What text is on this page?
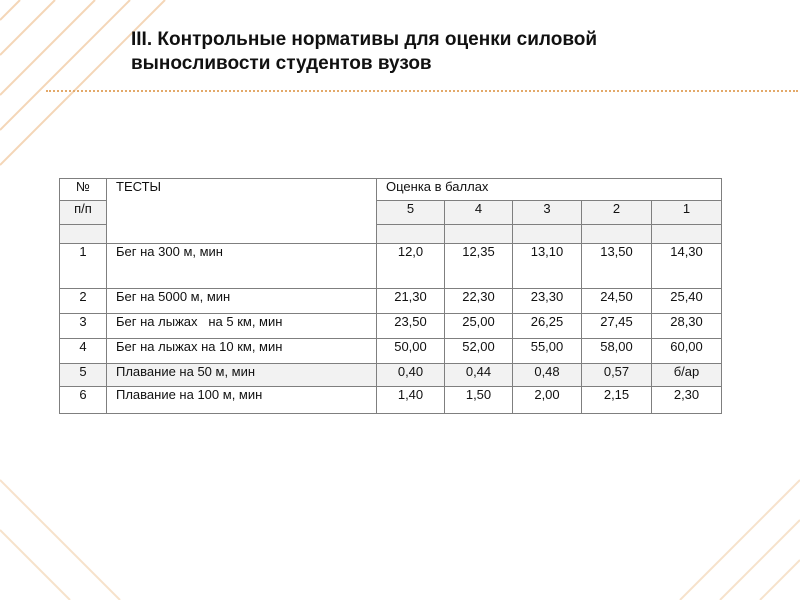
III. Контрольные нормативы для оценки силовой
выносливости студентов вузов
№	ТЕСТЫ	Оценка в баллах				
п/п		5	4	3	2	1

1	Бег на 300 м, мин	12,0	12,35	13,10	13,50	14,30
2	Бег на 5000 м, мин	21,30	22,30	23,30	24,50	25,40
3	Бег на лыжах   на 5 км, мин	23,50	25,00	26,25	27,45	28,30
4	Бег на лыжах на 10 км, мин	50,00	52,00	55,00	58,00	60,00
5	Плавание на 50 м, мин	0,40	0,44	0,48	0,57	б/ар
6	Плавание на 100 м, мин	1,40	1,50	2,00	2,15	2,30
